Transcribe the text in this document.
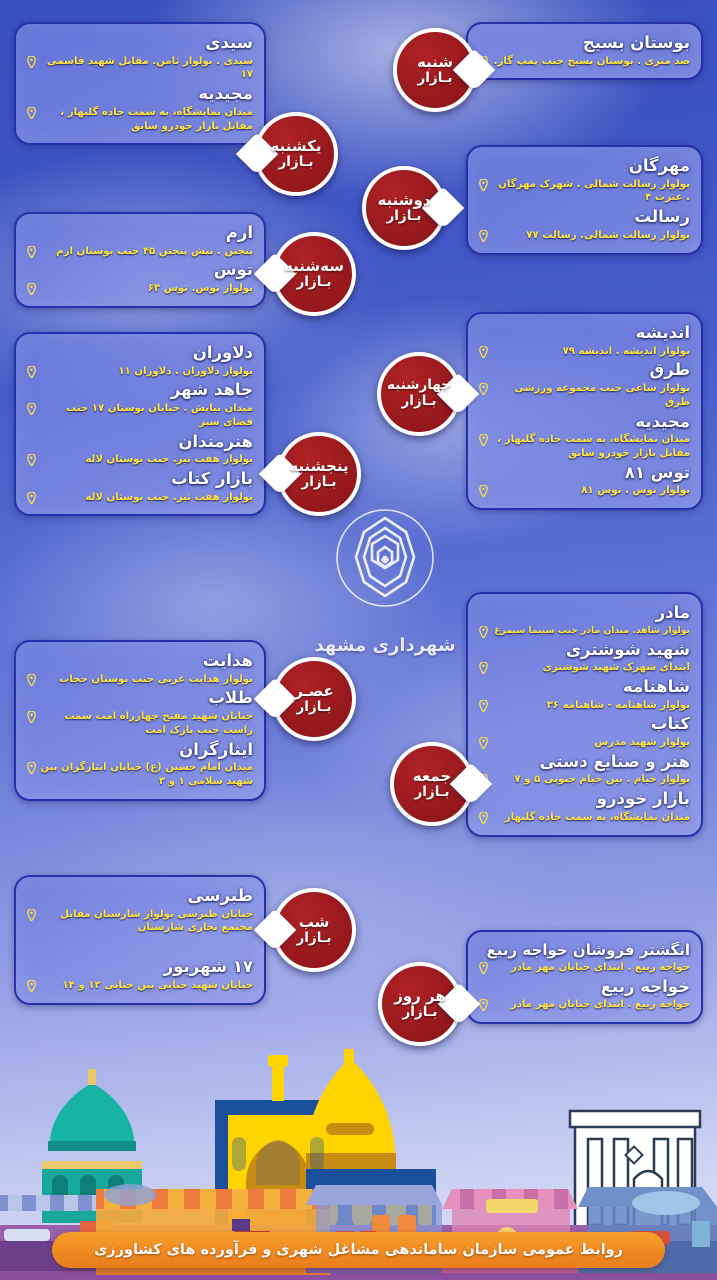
سیدی
سیدی . بولوار ثامن. مقابل شهید قاسمی ۱۷
مجیدیه
میدان نمایشگاه، به سمت جاده گلبهار ، مقابل بازار خودرو سابق
ارم
پنجتن . نبش پنجتن ۴۵ جنب بوستان ارم
توس
بولوار توس. توس ۶۳
دلاوران
بولوار دلاوران . دلاوران ۱۱
جاهد شهر
میدان نیایش . خیابان بوستان ۱۷ جنب فضای سبز
هنرمندان
بولوار هفت تیر. جنب بوستان لاله
بازار کتاب
بولوار هفت تیر. جنب بوستان لاله
هدایت
بولوار هدایت غربی جنب بوستان حجاب
طلاب
خیابان شهید مفتح چهارراه امت سمت راست جنب پارک امت
ایثارگران
میدان امام حسین (ع) خیابان ایثارگران بین شهید سلامی ۱ و ۳
طبرسی
خیابان طبرسی بولوار شارستان مقابل مجتمع تجاری شارستان
۱۷ شهریور
خیابان شهید حنایی بین حنایی ۱۲ و ۱۴
بوستان بسیج
صد متری . بوستان بسیج جنب پمپ گاز.
مهرگان
بولوار رسالت شمالی . شهرک مهرگان . عترت ۴
رسالت
بولوار رسالت شمالی. رسالت ۷۷
اندیشه
بولوار اندیشه . اندیشه ۷۹
طرق
بولوار ساعی جنب مجموعه ورزشی طرق
مجیدیه
میدان نمایشگاه، به سمت جاده گلبهار ، مقابل بازار خودرو سابق
توس ۸۱
بولوار توس . توس ۸۱
مادر
بولوار شاهد. میدان مادر جنب سینما سیمرغ
شهید شوشتری
ابتدای شهرک شهید شوشتری
شاهنامه
بولوار شاهنامه - شاهنامه ۳۶
کتاب
بولوار شهید مدرس
هنر و صنایع دستی
بولوار خیام . بین خیام جنوبی ۵ و ۷
بازار خودرو
میدان نمایشگاه، به سمت جاده گلبهار
انگشتر فروشان خواجه ربیع
خواجه ربیع . ابتدای خیابان مهر مادر
خواجه ربیع
خواجه ربیع . ابتدای خیابان مهر مادر
شنبه
بـازار
یکشنبه
بـازار
دوشنبه
بـازار
سه‌شنبه
بـازار
چهارشنبه
بـازار
پنجشنبه
بـازار
عصـر
بـازار
جمعه
بـازار
شب
بـازار
هر روز
بـازار
شهرداری مشهد
روابط عمومی سازمان ساماندهی مشاغل شهری و فرآورده های کشاورزی
